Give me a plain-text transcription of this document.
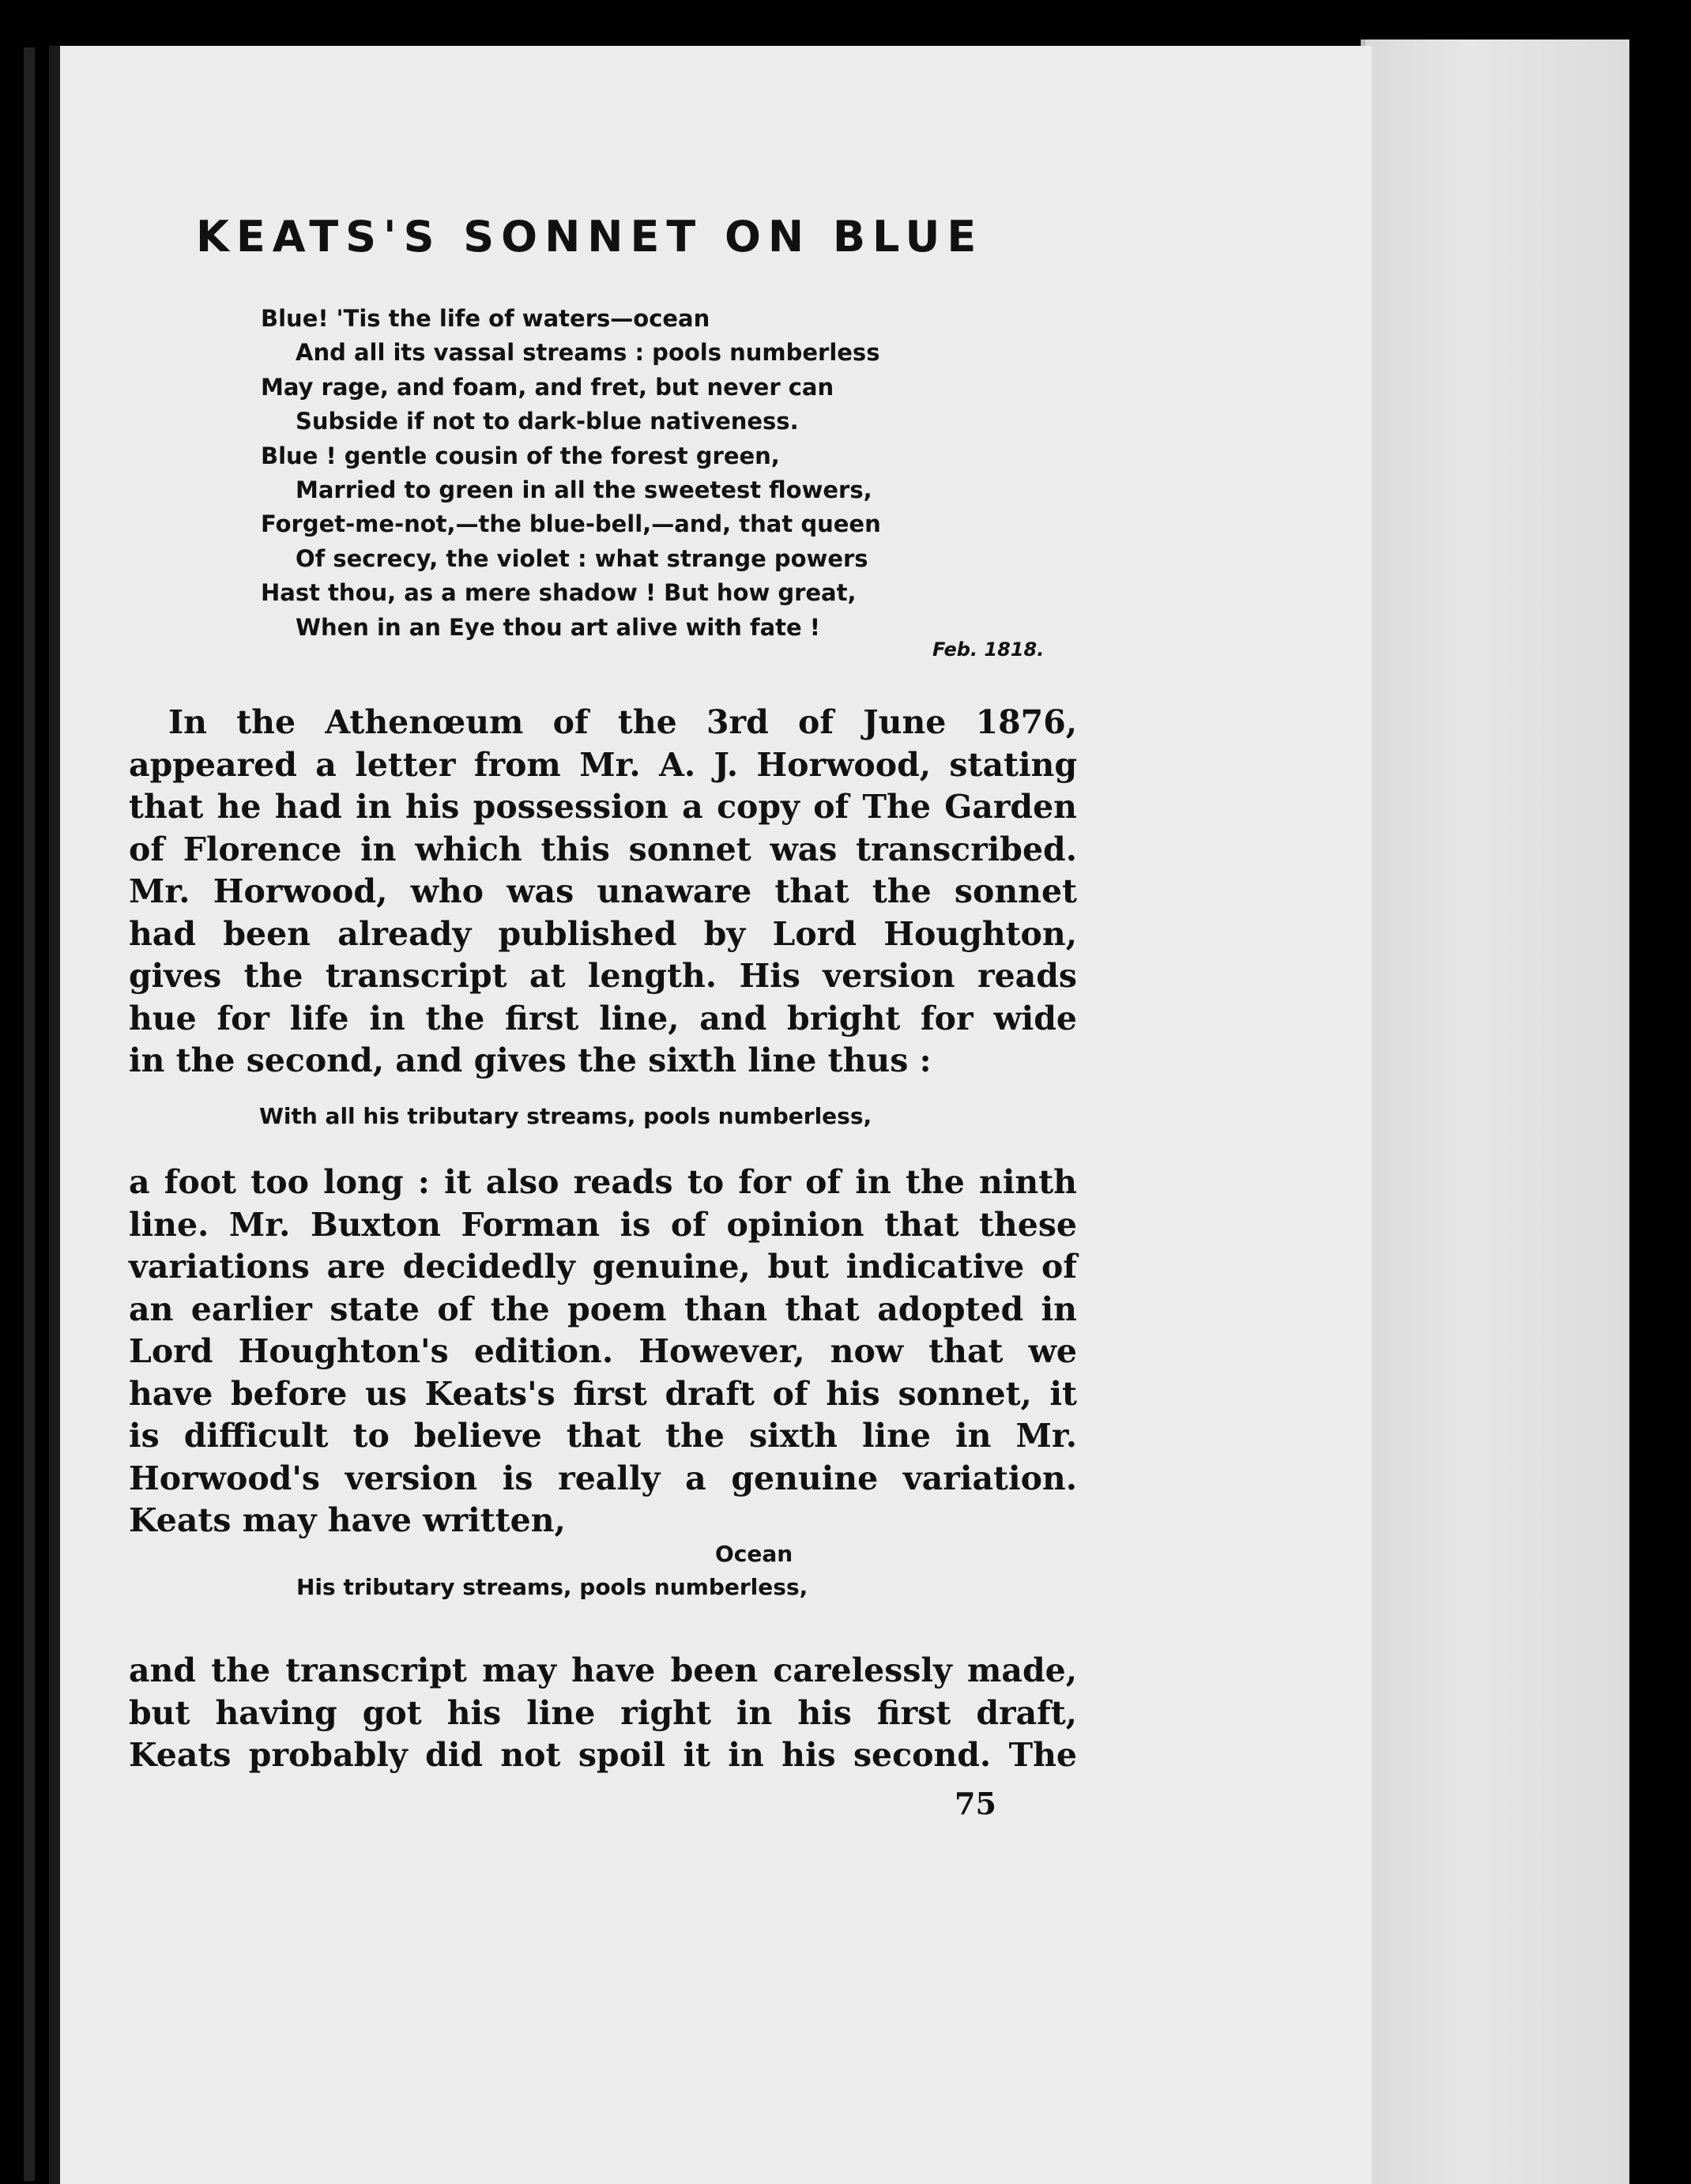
KEATS'S SONNET ON BLUE
Blue! 'Tis the life of waters—ocean
And all its vassal streams : pools numberless
May rage, and foam, and fret, but never can
Subside if not to dark-blue nativeness.
Blue ! gentle cousin of the forest green,
Married to green in all the sweetest flowers,
Forget-me-not,—the blue-bell,—and, that queen
Of secrecy, the violet : what strange powers
Hast thou, as a mere shadow ! But how great,
When in an Eye thou art alive with fate !
Feb. 1818.
In the Athenœum of the 3rd of June 1876,
appeared a letter from Mr. A. J. Horwood, stating
that he had in his possession a copy of The Garden
of Florence in which this sonnet was transcribed.
Mr. Horwood, who was unaware that the sonnet
had been already published by Lord Houghton,
gives the transcript at length. His version reads
hue for life in the first line, and bright for wide
in the second, and gives the sixth line thus :
With all his tributary streams, pools numberless,
a foot too long : it also reads to for of in the ninth
line. Mr. Buxton Forman is of opinion that these
variations are decidedly genuine, but indicative of
an earlier state of the poem than that adopted in
Lord Houghton's edition. However, now that we
have before us Keats's first draft of his sonnet, it
is difficult to believe that the sixth line in Mr.
Horwood's version is really a genuine variation.
Keats may have written,
Ocean
His tributary streams, pools numberless,
and the transcript may have been carelessly made,
but having got his line right in his first draft,
Keats probably did not spoil it in his second. The
75
